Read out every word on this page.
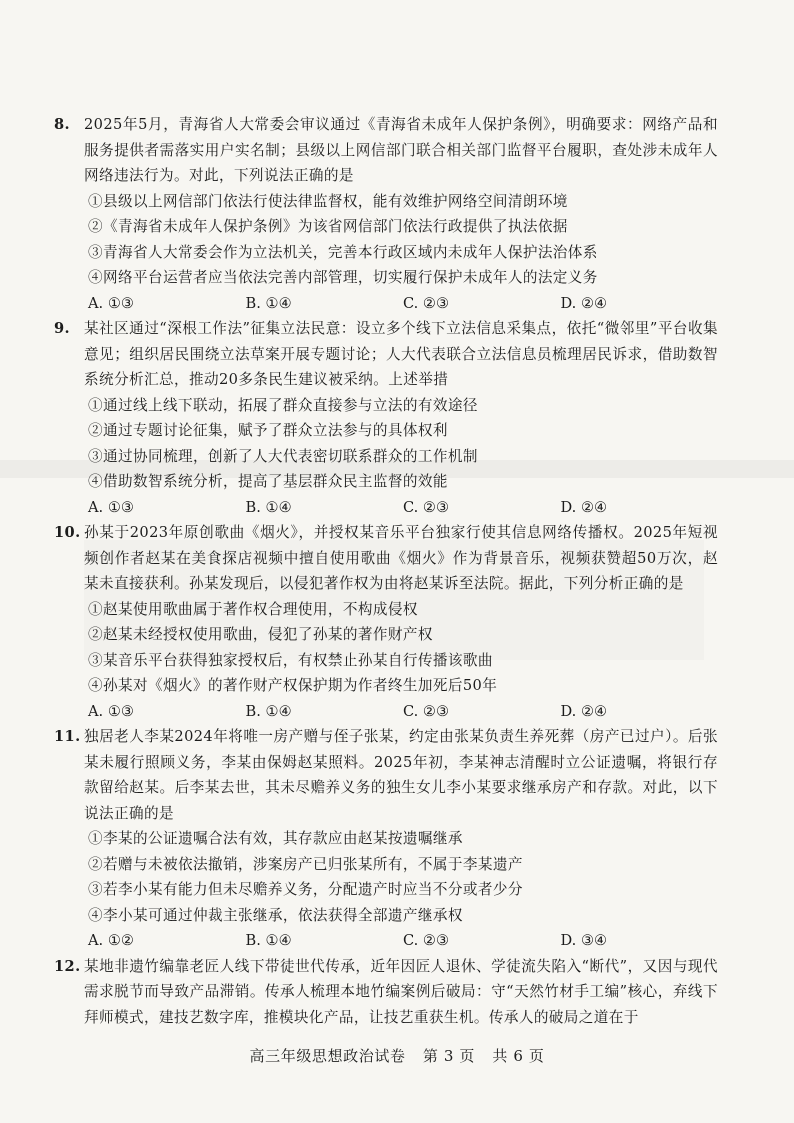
8. 2025年5月，青海省人大常委会审议通过《青海省未成年人保护条例》，明确要求：网络产品和服务提供者需落实用户实名制；县级以上网信部门联合相关部门监督平台履职，查处涉未成年人网络违法行为。对此，下列说法正确的是
①县级以上网信部门依法行使法律监督权，能有效维护网络空间清朗环境
②《青海省未成年人保护条例》为该省网信部门依法行政提供了执法依据
③青海省人大常委会作为立法机关，完善本行政区域内未成年人保护法治体系
④网络平台运营者应当依法完善内部管理，切实履行保护未成年人的法定义务
A. ①③	B. ①④	C. ②③	D. ②④
9. 某社区通过“深根工作法”征集立法民意：设立多个线下立法信息采集点，依托“微邻里”平台收集意见；组织居民围绕立法草案开展专题讨论；人大代表联合立法信息员梳理居民诉求，借助数智系统分析汇总，推动20多条民生建议被采纳。上述举措
①通过线上线下联动，拓展了群众直接参与立法的有效途径
②通过专题讨论征集，赋予了群众立法参与的具体权利
③通过协同梳理，创新了人大代表密切联系群众的工作机制
④借助数智系统分析，提高了基层群众民主监督的效能
A. ①③	B. ①④	C. ②③	D. ②④
10. 孙某于2023年原创歌曲《烟火》，并授权某音乐平台独家行使其信息网络传播权。2025年短视频创作者赵某在美食探店视频中擅自使用歌曲《烟火》作为背景音乐，视频获赞超50万次，赵某未直接获利。孙某发现后，以侵犯著作权为由将赵某诉至法院。据此，下列分析正确的是
①赵某使用歌曲属于著作权合理使用，不构成侵权
②赵某未经授权使用歌曲，侵犯了孙某的著作财产权
③某音乐平台获得独家授权后，有权禁止孙某自行传播该歌曲
④孙某对《烟火》的著作财产权保护期为作者终生加死后50年
A. ①③	B. ①④	C. ②③	D. ②④
11. 独居老人李某2024年将唯一房产赠与侄子张某，约定由张某负责生养死葬（房产已过户）。后张某未履行照顾义务，李某由保姆赵某照料。2025年初，李某神志清醒时立公证遗嘱，将银行存款留给赵某。后李某去世，其未尽赡养义务的独生女儿李小某要求继承房产和存款。对此，以下说法正确的是
①李某的公证遗嘱合法有效，其存款应由赵某按遗嘱继承
②若赠与未被依法撤销，涉案房产已归张某所有，不属于李某遗产
③若李小某有能力但未尽赡养义务，分配遗产时应当不分或者少分
④李小某可通过仲裁主张继承，依法获得全部遗产继承权
A. ①②	B. ①④	C. ②③	D. ③④
12. 某地非遗竹编靠老匠人线下带徒世代传承，近年因匠人退休、学徒流失陷入“断代”，又因与现代需求脱节而导致产品滞销。传承人梳理本地竹编案例后破局：守“天然竹材手工编”核心，弃线下拜师模式，建技艺数字库，推模块化产品，让技艺重获生机。传承人的破局之道在于
高三年级思想政治试卷 第 3 页 共 6 页
